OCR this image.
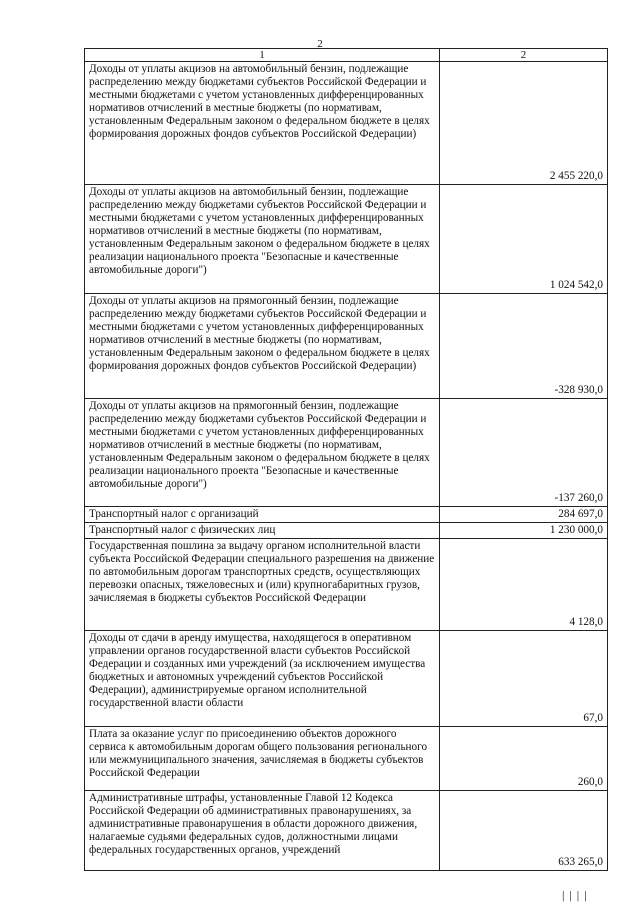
2
1	2
Доходы от уплаты акцизов на автомобильный бензин, подлежащие распределению между бюджетами субъектов Российской Федерации и местными бюджетами с учетом установленных дифференцированных нормативов отчислений в местные бюджеты (по нормативам, установленным Федеральным законом о федеральном бюджете в целях формирования дорожных фондов субъектов Российской Федерации)	2 455 220,0
Доходы от уплаты акцизов на автомобильный бензин, подлежащие распределению между бюджетами субъектов Российской Федерации и местными бюджетами с учетом установленных дифференцированных нормативов отчислений в местные бюджеты (по нормативам, установленным Федеральным законом о федеральном бюджете в целях реализации национального проекта "Безопасные и качественные автомобильные дороги")	1 024 542,0
Доходы от уплаты акцизов на прямогонный бензин, подлежащие распределению между бюджетами субъектов Российской Федерации и местными бюджетами с учетом установленных дифференцированных нормативов отчислений в местные бюджеты (по нормативам, установленным Федеральным законом о федеральном бюджете в целях формирования дорожных фондов субъектов Российской Федерации)	-328 930,0
Доходы от уплаты акцизов на прямогонный бензин, подлежащие распределению между бюджетами субъектов Российской Федерации и местными бюджетами с учетом установленных дифференцированных нормативов отчислений в местные бюджеты (по нормативам, установленным Федеральным законом о федеральном бюджете в целях реализации национального проекта "Безопасные и качественные автомобильные дороги")	-137 260,0
Транспортный налог с организаций	284 697,0
Транспортный налог с физических лиц	1 230 000,0
Государственная пошлина за выдачу органом исполнительной власти субъекта Российской Федерации специального разрешения на движение по автомобильным дорогам транспортных средств, осуществляющих перевозки опасных, тяжеловесных и (или) крупногабаритных грузов, зачисляемая в бюджеты субъектов Российской Федерации	4 128,0
Доходы от сдачи в аренду имущества, находящегося в оперативном управлении органов государственной власти субъектов Российской Федерации и созданных ими учреждений (за исключением имущества бюджетных и автономных учреждений субъектов Российской Федерации), администрируемые органом исполнительной государственной власти области	67,0
Плата за оказание услуг по присоединению объектов дорожного сервиса к автомобильным дорогам общего пользования регионального или межмуниципального значения, зачисляемая в бюджеты субъектов Российской Федерации	260,0
Административные штрафы, установленные Главой 12 Кодекса Российской Федерации об административных правонарушениях, за административные правонарушения в области дорожного движения, налагаемые судьями федеральных судов, должностными лицами федеральных государственных органов, учреждений	633 265,0
| | | |
